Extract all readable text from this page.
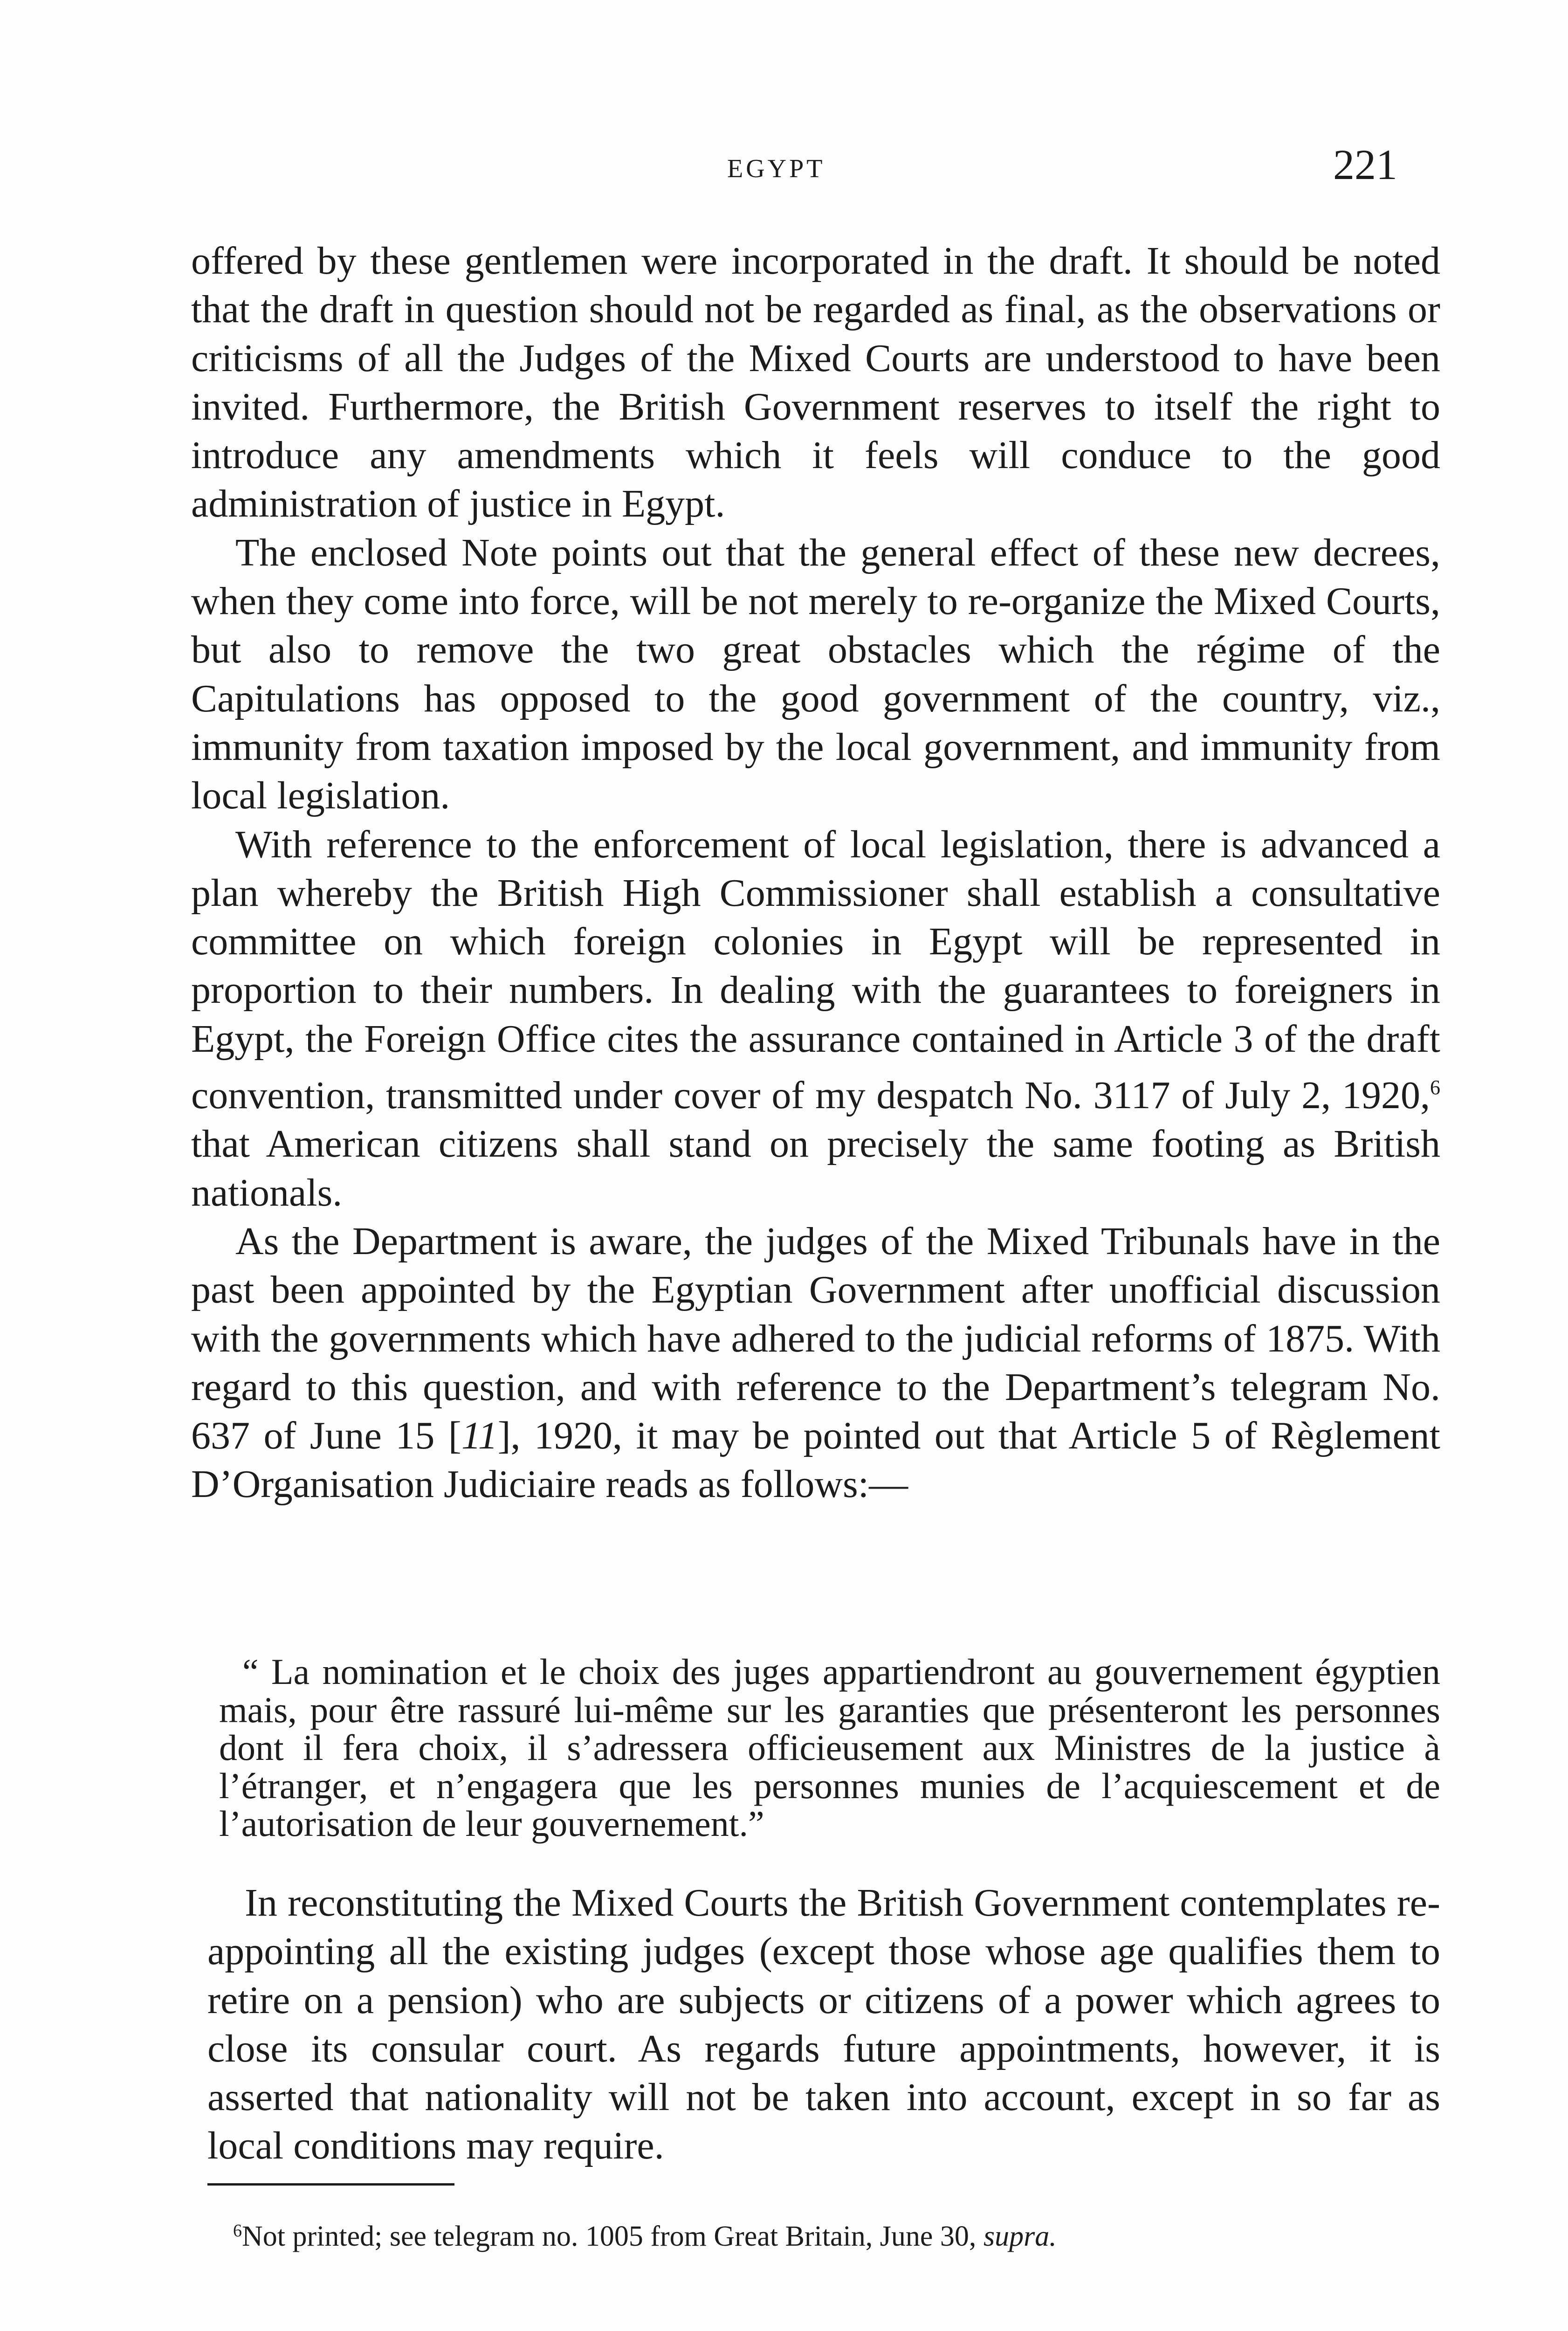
EGYPT	221

offered by these gentlemen were incorporated in the draft. It should be noted that the draft in question should not be regarded as final, as the observations or criticisms of all the Judges of the Mixed Courts are understood to have been invited. Furthermore, the British Government reserves to itself the right to introduce any amendments which it feels will conduce to the good administration of justice in Egypt.

The enclosed Note points out that the general effect of these new decrees, when they come into force, will be not merely to re-organize the Mixed Courts, but also to remove the two great obstacles which the régime of the Capitulations has opposed to the good government of the country, viz., immunity from taxation imposed by the local government, and immunity from local legislation.

With reference to the enforcement of local legislation, there is advanced a plan whereby the British High Commissioner shall establish a consultative committee on which foreign colonies in Egypt will be represented in proportion to their numbers. In dealing with the guarantees to foreigners in Egypt, the Foreign Office cites the assurance contained in Article 3 of the draft convention, transmitted under cover of my despatch No. 3117 of July 2, 1920,$^6$ that American citizens shall stand on precisely the same footing as British nationals.

As the Department is aware, the judges of the Mixed Tribunals have in the past been appointed by the Egyptian Government after unofficial discussion with the governments which have adhered to the judicial reforms of 1875. With regard to this question, and with reference to the Department’s telegram No. 637 of June 15 [11], 1920, it may be pointed out that Article 5 of Règlement D’Organisation Judiciaire reads as follows:—

“ La nomination et le choix des juges appartiendront au gouvernement égyptien mais, pour être rassuré lui-même sur les garanties que présenteront les personnes dont il fera choix, il s’adressera officieusement aux Ministres de la justice à l’étranger, et n’engagera que les personnes munies de l’acquiescement et de l’autorisation de leur gouvernement.”

In reconstituting the Mixed Courts the British Government contemplates re-appointing all the existing judges (except those whose age qualifies them to retire on a pension) who are subjects or citizens of a power which agrees to close its consular court. As regards future appointments, however, it is asserted that nationality will not be taken into account, except in so far as local conditions may require.

$^6$Not printed; see telegram no. 1005 from Great Britain, June 30, supra.
